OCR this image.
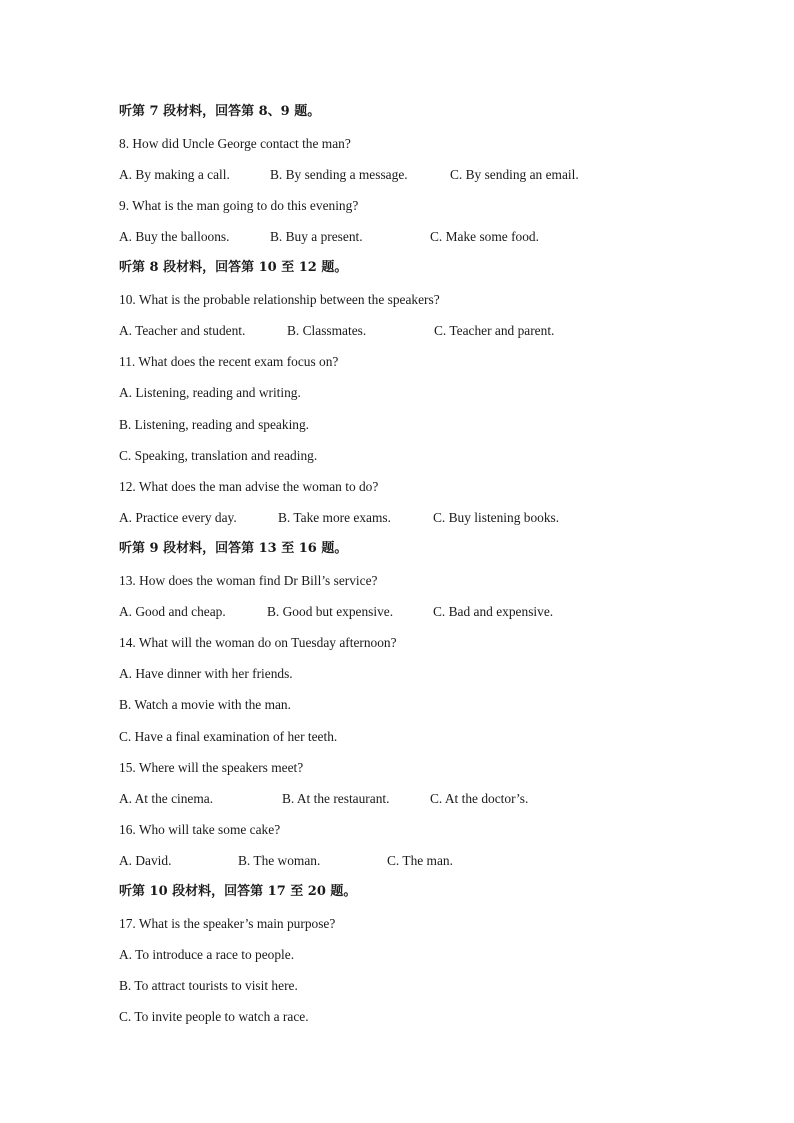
听第 7 段材料，回答第 8、9 题。
8. How did Uncle George contact the man?
A. By making a call.	B. By sending a message.	C. By sending an email.
9. What is the man going to do this evening?
A. Buy the balloons.	B. Buy a present.	C. Make some food.
听第 8 段材料，回答第 10 至 12 题。
10. What is the probable relationship between the speakers?
A. Teacher and student.	B. Classmates.	C. Teacher and parent.
11. What does the recent exam focus on?
A. Listening, reading and writing.
B. Listening, reading and speaking.
C. Speaking, translation and reading.
12. What does the man advise the woman to do?
A. Practice every day.	B. Take more exams.	C. Buy listening books.
听第 9 段材料，回答第 13 至 16 题。
13. How does the woman find Dr Bill’s service?
A. Good and cheap.	B. Good but expensive.	C. Bad and expensive.
14. What will the woman do on Tuesday afternoon?
A. Have dinner with her friends.
B. Watch a movie with the man.
C. Have a final examination of her teeth.
15. Where will the speakers meet?
A. At the cinema.	B. At the restaurant.	C. At the doctor’s.
16. Who will take some cake?
A. David.	B. The woman.	C. The man.
听第 10 段材料，回答第 17 至 20 题。
17. What is the speaker’s main purpose?
A. To introduce a race to people.
B. To attract tourists to visit here.
C. To invite people to watch a race.
